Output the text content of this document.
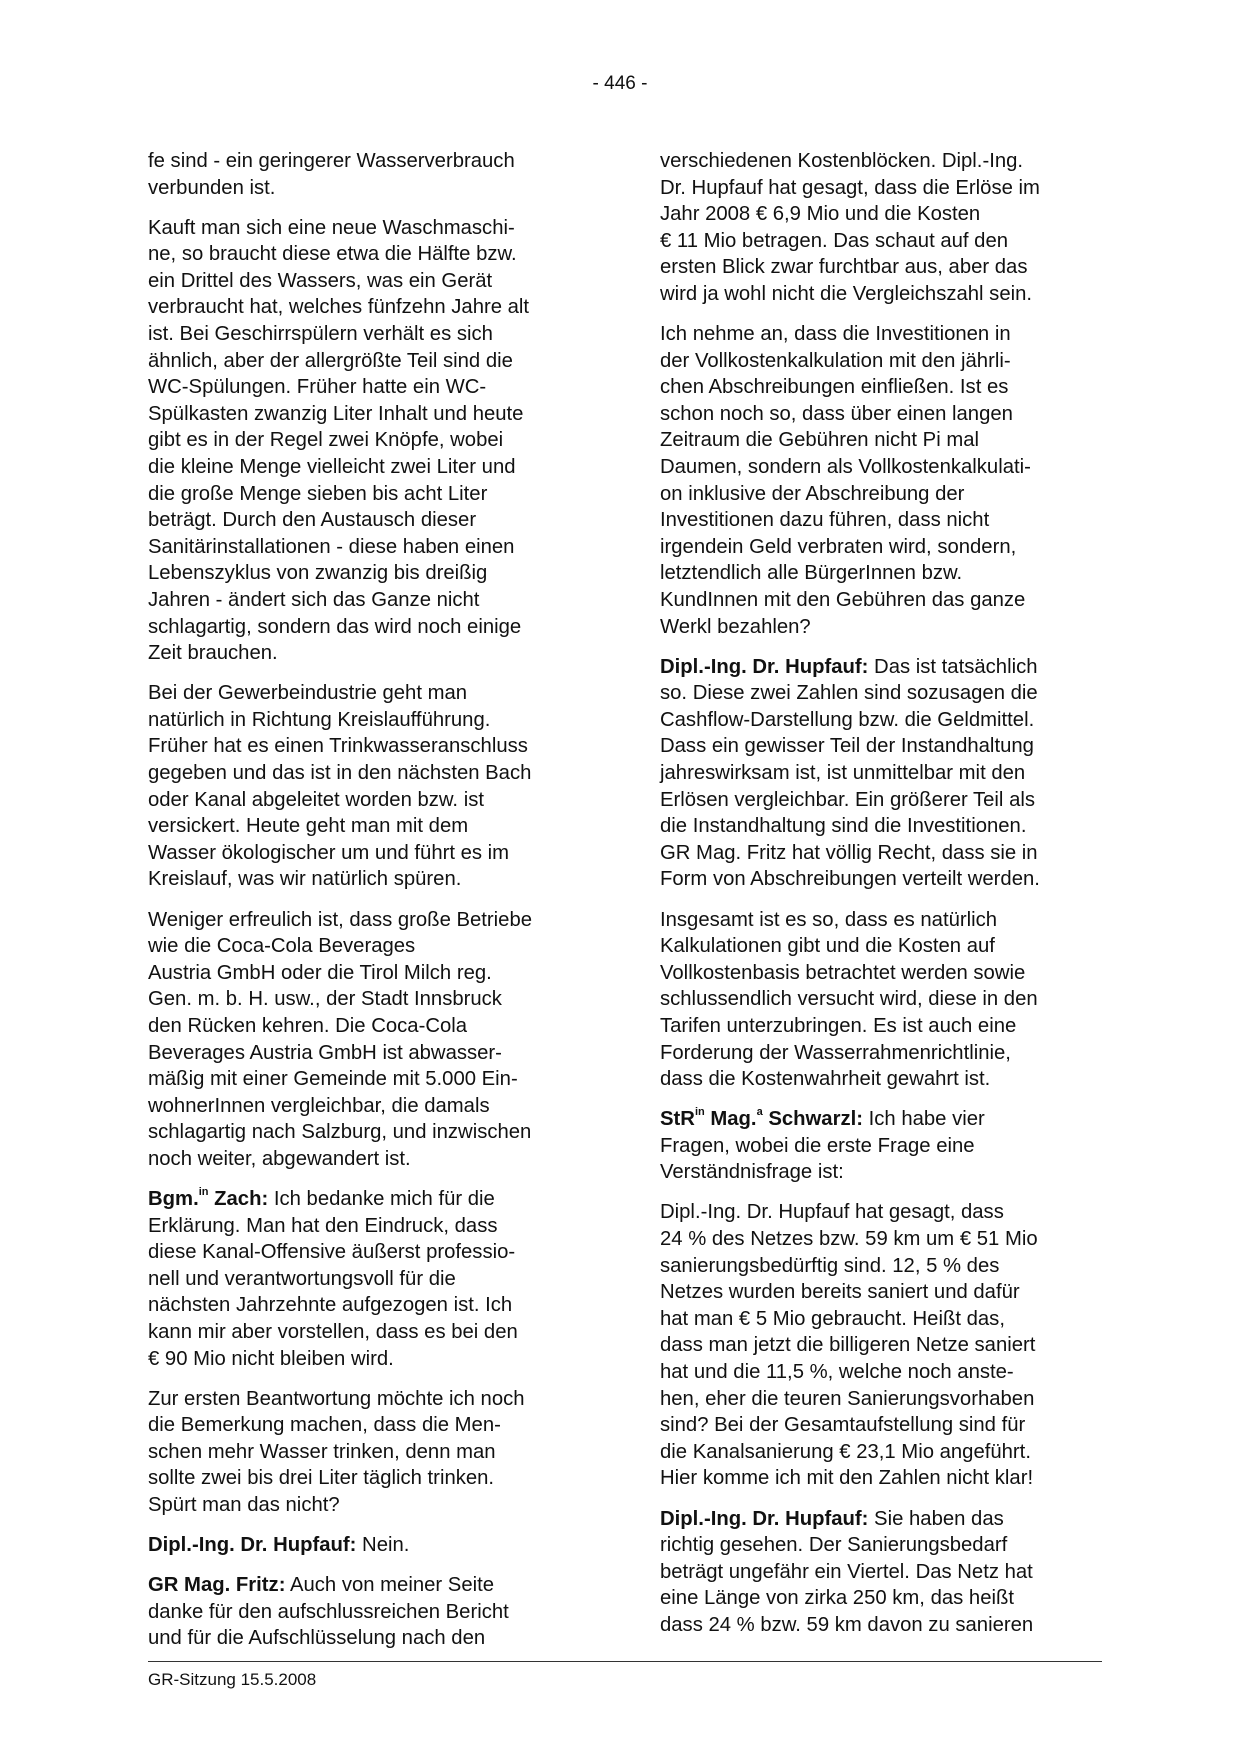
- 446 -

fe sind - ein geringerer Wasserverbrauch
verbunden ist.

Kauft man sich eine neue Waschmaschi-
ne, so braucht diese etwa die Hälfte bzw.
ein Drittel des Wassers, was ein Gerät
verbraucht hat, welches fünfzehn Jahre alt
ist. Bei Geschirrspülern verhält es sich
ähnlich, aber der allergrößte Teil sind die
WC-Spülungen. Früher hatte ein WC-
Spülkasten zwanzig Liter Inhalt und heute
gibt es in der Regel zwei Knöpfe, wobei
die kleine Menge vielleicht zwei Liter und
die große Menge sieben bis acht Liter
beträgt. Durch den Austausch dieser
Sanitärinstallationen - diese haben einen
Lebenszyklus von zwanzig bis dreißig
Jahren - ändert sich das Ganze nicht
schlagartig, sondern das wird noch einige
Zeit brauchen.

Bei der Gewerbeindustrie geht man
natürlich in Richtung Kreislaufführung.
Früher hat es einen Trinkwasseranschluss
gegeben und das ist in den nächsten Bach
oder Kanal abgeleitet worden bzw. ist
versickert. Heute geht man mit dem
Wasser ökologischer um und führt es im
Kreislauf, was wir natürlich spüren.

Weniger erfreulich ist, dass große Betriebe
wie die Coca-Cola Beverages
Austria GmbH oder die Tirol Milch reg.
Gen. m. b. H. usw., der Stadt Innsbruck
den Rücken kehren. Die Coca-Cola
Beverages Austria GmbH ist abwasser-
mäßig mit einer Gemeinde mit 5.000 Ein-
wohnerInnen vergleichbar, die damals
schlagartig nach Salzburg, und inzwischen
noch weiter, abgewandert ist.

Bgm.$^{in}$ Zach: Ich bedanke mich für die
Erklärung. Man hat den Eindruck, dass
diese Kanal-Offensive äußerst professio-
nell und verantwortungsvoll für die
nächsten Jahrzehnte aufgezogen ist. Ich
kann mir aber vorstellen, dass es bei den
€ 90 Mio nicht bleiben wird.

Zur ersten Beantwortung möchte ich noch
die Bemerkung machen, dass die Men-
schen mehr Wasser trinken, denn man
sollte zwei bis drei Liter täglich trinken.
Spürt man das nicht?

Dipl.-Ing. Dr. Hupfauf: Nein.

GR Mag. Fritz: Auch von meiner Seite
danke für den aufschlussreichen Bericht
und für die Aufschlüsselung nach den

verschiedenen Kostenblöcken. Dipl.-Ing.
Dr. Hupfauf hat gesagt, dass die Erlöse im
Jahr 2008 € 6,9 Mio und die Kosten
€ 11 Mio betragen. Das schaut auf den
ersten Blick zwar furchtbar aus, aber das
wird ja wohl nicht die Vergleichszahl sein.

Ich nehme an, dass die Investitionen in
der Vollkostenkalkulation mit den jährli-
chen Abschreibungen einfließen. Ist es
schon noch so, dass über einen langen
Zeitraum die Gebühren nicht Pi mal
Daumen, sondern als Vollkostenkalkulati-
on inklusive der Abschreibung der
Investitionen dazu führen, dass nicht
irgendein Geld verbraten wird, sondern,
letztendlich alle BürgerInnen bzw.
KundInnen mit den Gebühren das ganze
Werkl bezahlen?

Dipl.-Ing. Dr. Hupfauf: Das ist tatsächlich
so. Diese zwei Zahlen sind sozusagen die
Cashflow-Darstellung bzw. die Geldmittel.
Dass ein gewisser Teil der Instandhaltung
jahreswirksam ist, ist unmittelbar mit den
Erlösen vergleichbar. Ein größerer Teil als
die Instandhaltung sind die Investitionen.
GR Mag. Fritz hat völlig Recht, dass sie in
Form von Abschreibungen verteilt werden.

Insgesamt ist es so, dass es natürlich
Kalkulationen gibt und die Kosten auf
Vollkostenbasis betrachtet werden sowie
schlussendlich versucht wird, diese in den
Tarifen unterzubringen. Es ist auch eine
Forderung der Wasserrahmenrichtlinie,
dass die Kostenwahrheit gewahrt ist.

StR$^{in}$ Mag.$^a$ Schwarzl: Ich habe vier
Fragen, wobei die erste Frage eine
Verständnisfrage ist:

Dipl.-Ing. Dr. Hupfauf hat gesagt, dass
24 % des Netzes bzw. 59 km um € 51 Mio
sanierungsbedürftig sind. 12, 5 % des
Netzes wurden bereits saniert und dafür
hat man € 5 Mio gebraucht. Heißt das,
dass man jetzt die billigeren Netze saniert
hat und die 11,5 %, welche noch anste-
hen, eher die teuren Sanierungsvorhaben
sind? Bei der Gesamtaufstellung sind für
die Kanalsanierung € 23,1 Mio angeführt.
Hier komme ich mit den Zahlen nicht klar!

Dipl.-Ing. Dr. Hupfauf: Sie haben das
richtig gesehen. Der Sanierungsbedarf
beträgt ungefähr ein Viertel. Das Netz hat
eine Länge von zirka 250 km, das heißt
dass 24 % bzw. 59 km davon zu sanieren

GR-Sitzung 15.5.2008
